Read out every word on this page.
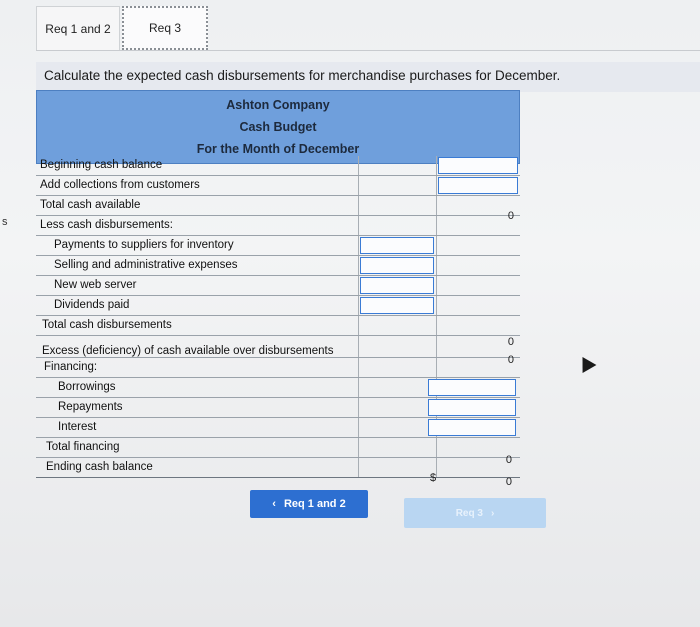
s
Req 1 and 2	Req 3
Calculate the expected cash disbursements for merchandise purchases for December.
Ashton Company
Cash Budget
For the Month of December
Beginning cash balance
Add collections from customers
Total cash available
0
Less cash disbursements:
Payments to suppliers for inventory
Selling and administrative expenses
New web server
Dividends paid
Total cash disbursements
0
Excess (deficiency) of cash available over disbursements
0
Financing:
Borrowings
Repayments
Interest
Total financing
0
Ending cash balance
$	0
‹ Req 1 and 2
Req 3 ›
